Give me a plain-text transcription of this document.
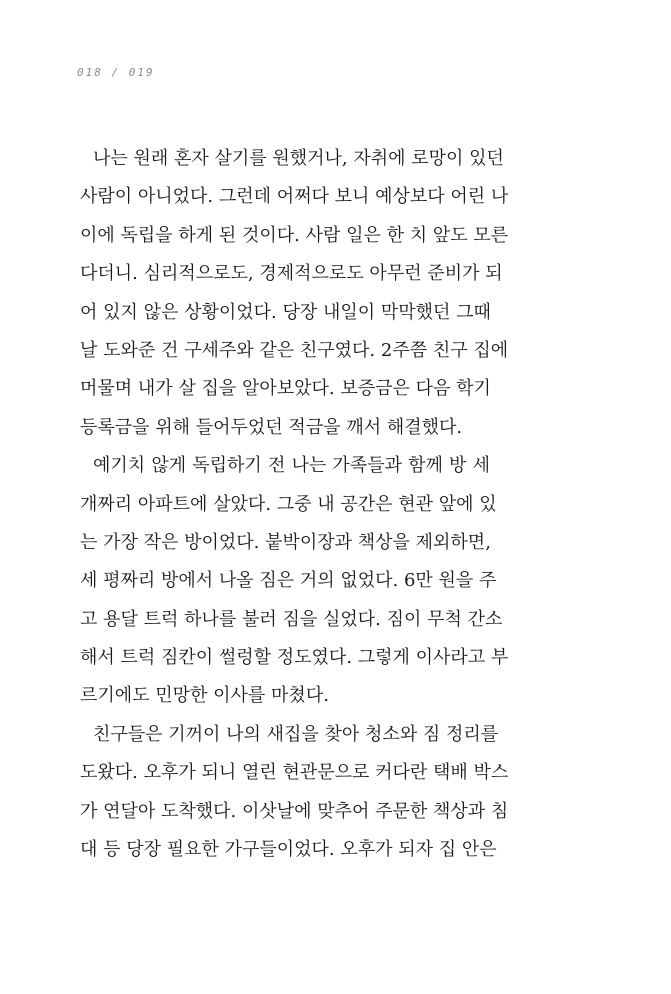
018 / 019
나는 원래 혼자 살기를 원했거나, 자취에 로망이 있던
사람이 아니었다. 그런데 어쩌다 보니 예상보다 어린 나
이에 독립을 하게 된 것이다. 사람 일은 한 치 앞도 모른
다더니. 심리적으로도, 경제적으로도 아무런 준비가 되
어 있지 않은 상황이었다. 당장 내일이 막막했던 그때
날 도와준 건 구세주와 같은 친구였다. 2주쯤 친구 집에
머물며 내가 살 집을 알아보았다. 보증금은 다음 학기
등록금을 위해 들어두었던 적금을 깨서 해결했다.
예기치 않게 독립하기 전 나는 가족들과 함께 방 세
개짜리 아파트에 살았다. 그중 내 공간은 현관 앞에 있
는 가장 작은 방이었다. 붙박이장과 책상을 제외하면,
세 평짜리 방에서 나올 짐은 거의 없었다. 6만 원을 주
고 용달 트럭 하나를 불러 짐을 실었다. 짐이 무척 간소
해서 트럭 짐칸이 썰렁할 정도였다. 그렇게 이사라고 부
르기에도 민망한 이사를 마쳤다.
친구들은 기꺼이 나의 새집을 찾아 청소와 짐 정리를
도왔다. 오후가 되니 열린 현관문으로 커다란 택배 박스
가 연달아 도착했다. 이삿날에 맞추어 주문한 책상과 침
대 등 당장 필요한 가구들이었다. 오후가 되자 집 안은
